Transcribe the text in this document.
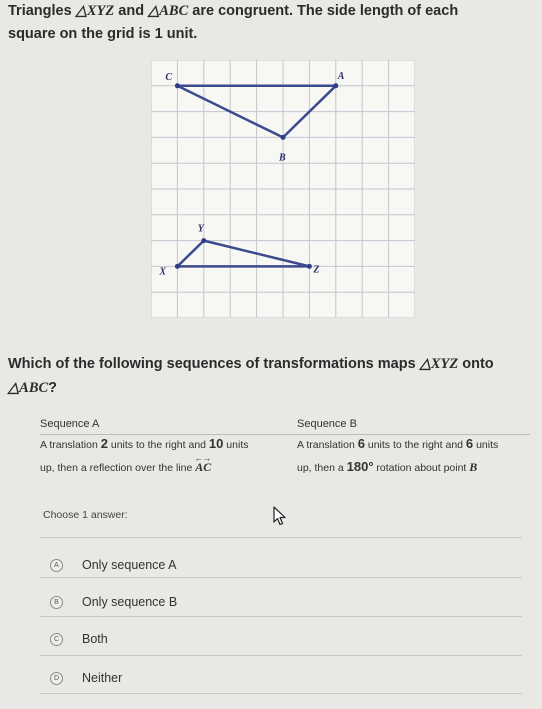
Triangles △XYZ and △ABC are congruent. The side length of each
square on the grid is 1 unit.
A
B
C
X
Y
Z
Which of the following sequences of transformations maps △XYZ onto
△ABC?
Sequence A	Sequence B
A translation 2 units to the right and 10 units
up, then a reflection over the line
←→
AC
A translation 6 units to the right and 6 units
up, then a 180° rotation about point B
Choose 1 answer:
A	Only sequence A
B	Only sequence B
C	Both
D	Neither
